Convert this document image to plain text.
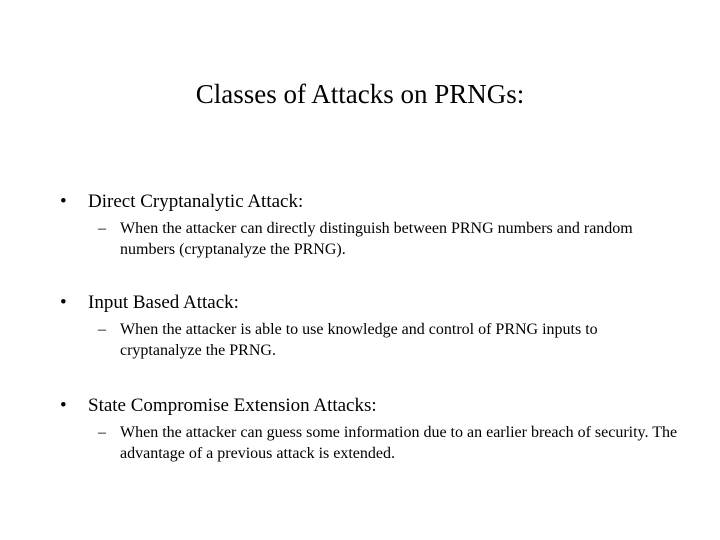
Classes of Attacks on PRNGs:
• Direct Cryptanalytic Attack:
– When the attacker can directly distinguish between PRNG numbers and random numbers (cryptanalyze the PRNG).
• Input Based Attack:
– When the attacker is able to use knowledge and control of PRNG inputs to cryptanalyze the PRNG.
• State Compromise Extension Attacks:
– When the attacker can guess some information due to an earlier breach of security. The advantage of a previous attack is extended.
